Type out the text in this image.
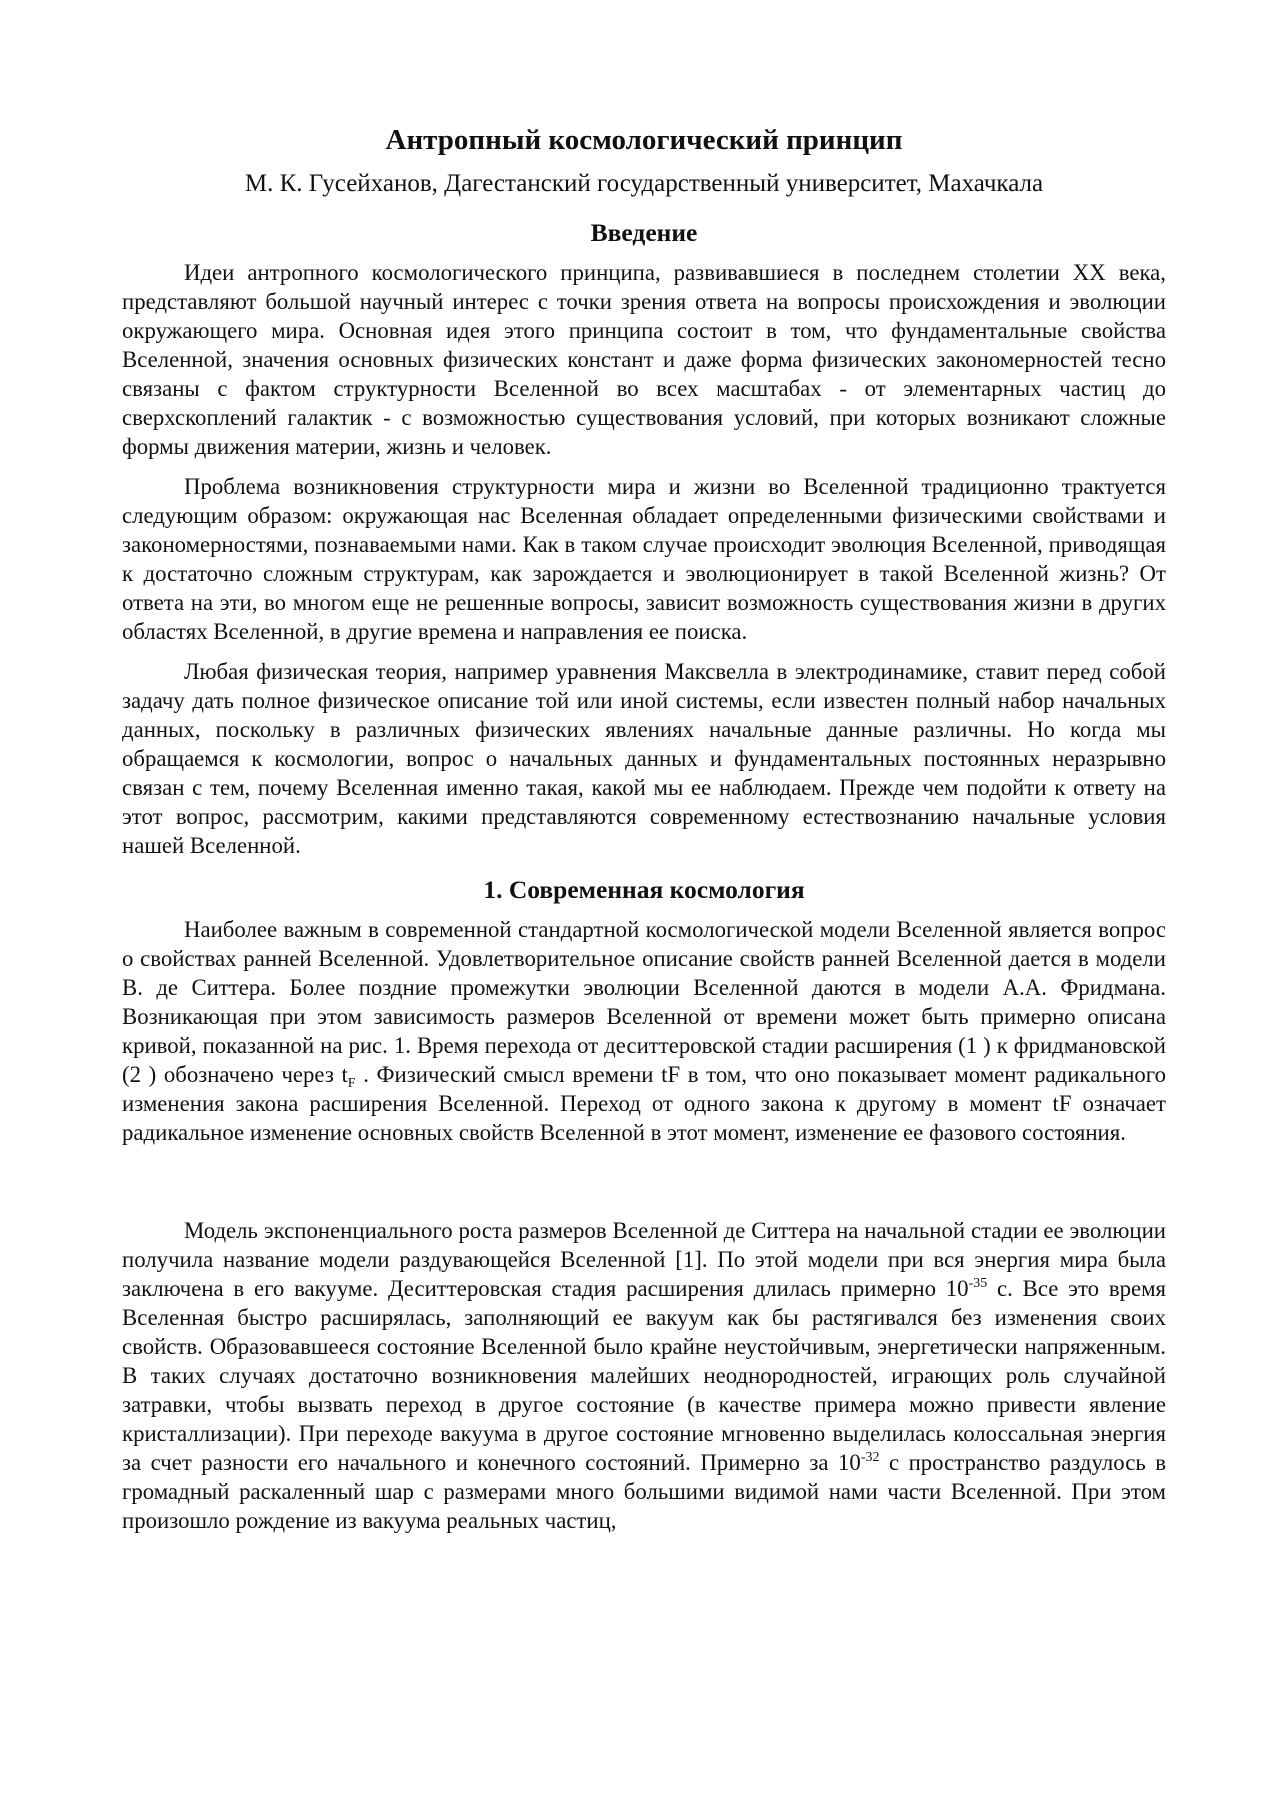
Антропный космологический принцип
М. К. Гусейханов, Дагестанский государственный университет, Махачкала
Введение

Идеи антропного космологического принципа, развивавшиеся в последнем столетии XX века, представляют большой научный интерес с точки зрения ответа на вопросы происхождения и эволюции окружающего мира. Основная идея этого принципа состоит в том, что фундаментальные свойства Вселенной, значения основных физических констант и даже форма физических закономерностей тесно связаны с фактом структурности Вселенной во всех масштабах - от элементарных частиц до сверхскоплений галактик - с возможностью существования условий, при которых возникают сложные формы движения материи, жизнь и человек.

Проблема возникновения структурности мира и жизни во Вселенной традиционно трактуется следующим образом: окружающая нас Вселенная обладает определенными физическими свойствами и закономерностями, познаваемыми нами. Как в таком случае происходит эволюция Вселенной, приводящая к достаточно сложным структурам, как зарождается и эволюционирует в такой Вселенной жизнь? От ответа на эти, во многом еще не решенные вопросы, зависит возможность существования жизни в других областях Вселенной, в другие времена и направления ее поиска.

Любая физическая теория, например уравнения Максвелла в электродинамике, ставит перед собой задачу дать полное физическое описание той или иной системы, если известен полный набор начальных данных, поскольку в различных физических явлениях начальные данные различны. Но когда мы обращаемся к космологии, вопрос о начальных данных и фундаментальных постоянных неразрывно связан с тем, почему Вселенная именно такая, какой мы ее наблюдаем. Прежде чем подойти к ответу на этот вопрос, рассмотрим, какими представляются современному естествознанию начальные условия нашей Вселенной.

1. Современная космология

Наиболее важным в современной стандартной космологической модели Вселенной является вопрос о свойствах ранней Вселенной. Удовлетворительное описание свойств ранней Вселенной дается в модели В. де Ситтера. Более поздние промежутки эволюции Вселенной даются в модели А.А. Фридмана. Возникающая при этом зависимость размеров Вселенной от времени может быть примерно описана кривой, показанной на рис. 1. Время перехода от деситтеровской стадии расширения (1 ) к фридмановской (2 ) обозначено через $t_F$ . Физический смысл времени tF в том, что оно показывает момент радикального изменения закона расширения Вселенной. Переход от одного закона к другому в момент tF означает радикальное изменение основных свойств Вселенной в этот момент, изменение ее фазового состояния.

Модель экспоненциального роста размеров Вселенной де Ситтера на начальной стадии ее эволюции получила название модели раздувающейся Вселенной [1]. По этой модели при вся энергия мира была заключена в его вакууме. Деситтеровская стадия расширения длилась примерно $10^{-35}$ с. Все это время Вселенная быстро расширялась, заполняющий ее вакуум как бы растягивался без изменения своих свойств. Образовавшееся состояние Вселенной было крайне неустойчивым, энергетически напряженным. В таких случаях достаточно возникновения малейших неоднородностей, играющих роль случайной затравки, чтобы вызвать переход в другое состояние (в качестве примера можно привести явление кристаллизации). При переходе вакуума в другое состояние мгновенно выделилась колоссальная энергия за счет разности его начального и конечного состояний. Примерно за $10^{-32}$ с пространство раздулось в громадный раскаленный шар с размерами много большими видимой нами части Вселенной. При этом произошло рождение из вакуума реальных частиц,
